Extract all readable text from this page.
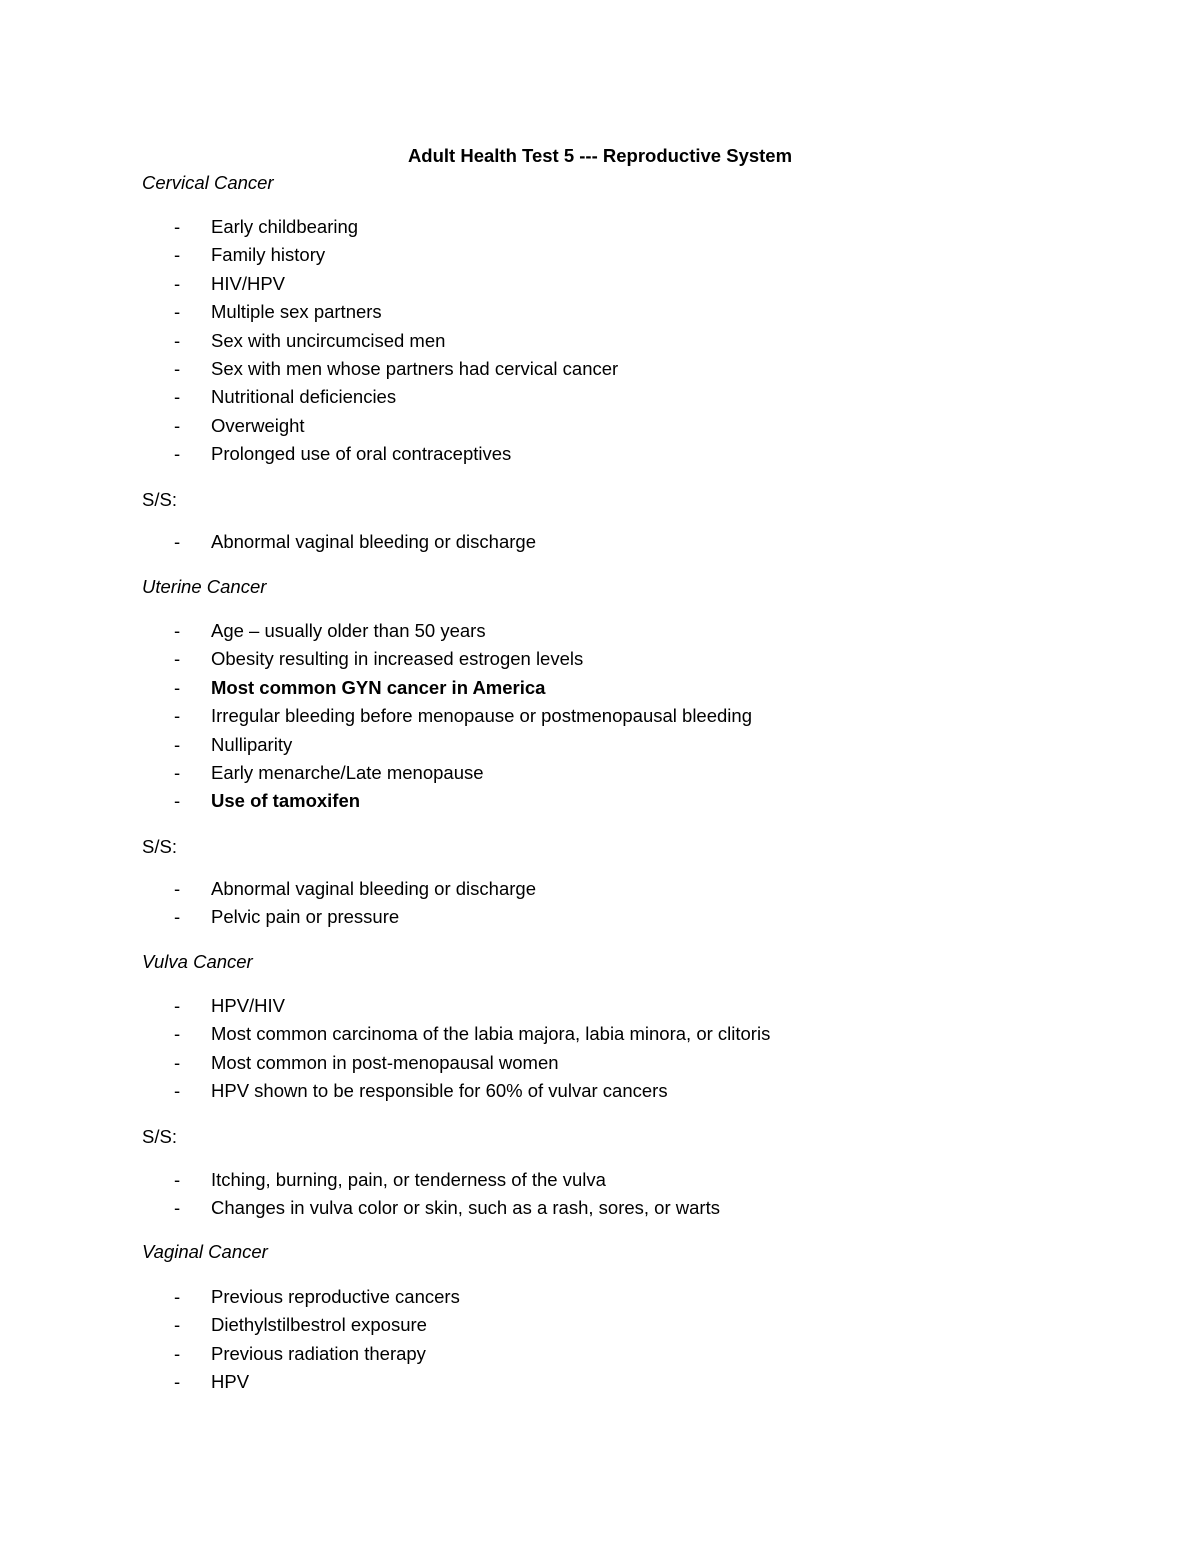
Adult Health Test 5 --- Reproductive System
Cervical Cancer
- Early childbearing
- Family history
- HIV/HPV
- Multiple sex partners
- Sex with uncircumcised men
- Sex with men whose partners had cervical cancer
- Nutritional deficiencies
- Overweight
- Prolonged use of oral contraceptives

S/S:

- Abnormal vaginal bleeding or discharge
Uterine Cancer
- Age – usually older than 50 years
- Obesity resulting in increased estrogen levels
- Most common GYN cancer in America
- Irregular bleeding before menopause or postmenopausal bleeding
- Nulliparity
- Early menarche/Late menopause
- Use of tamoxifen

S/S:

- Abnormal vaginal bleeding or discharge
- Pelvic pain or pressure
Vulva Cancer
- HPV/HIV
- Most common carcinoma of the labia majora, labia minora, or clitoris
- Most common in post-menopausal women
- HPV shown to be responsible for 60% of vulvar cancers

S/S:

- Itching, burning, pain, or tenderness of the vulva
- Changes in vulva color or skin, such as a rash, sores, or warts
Vaginal Cancer
- Previous reproductive cancers
- Diethylstilbestrol exposure
- Previous radiation therapy
- HPV
